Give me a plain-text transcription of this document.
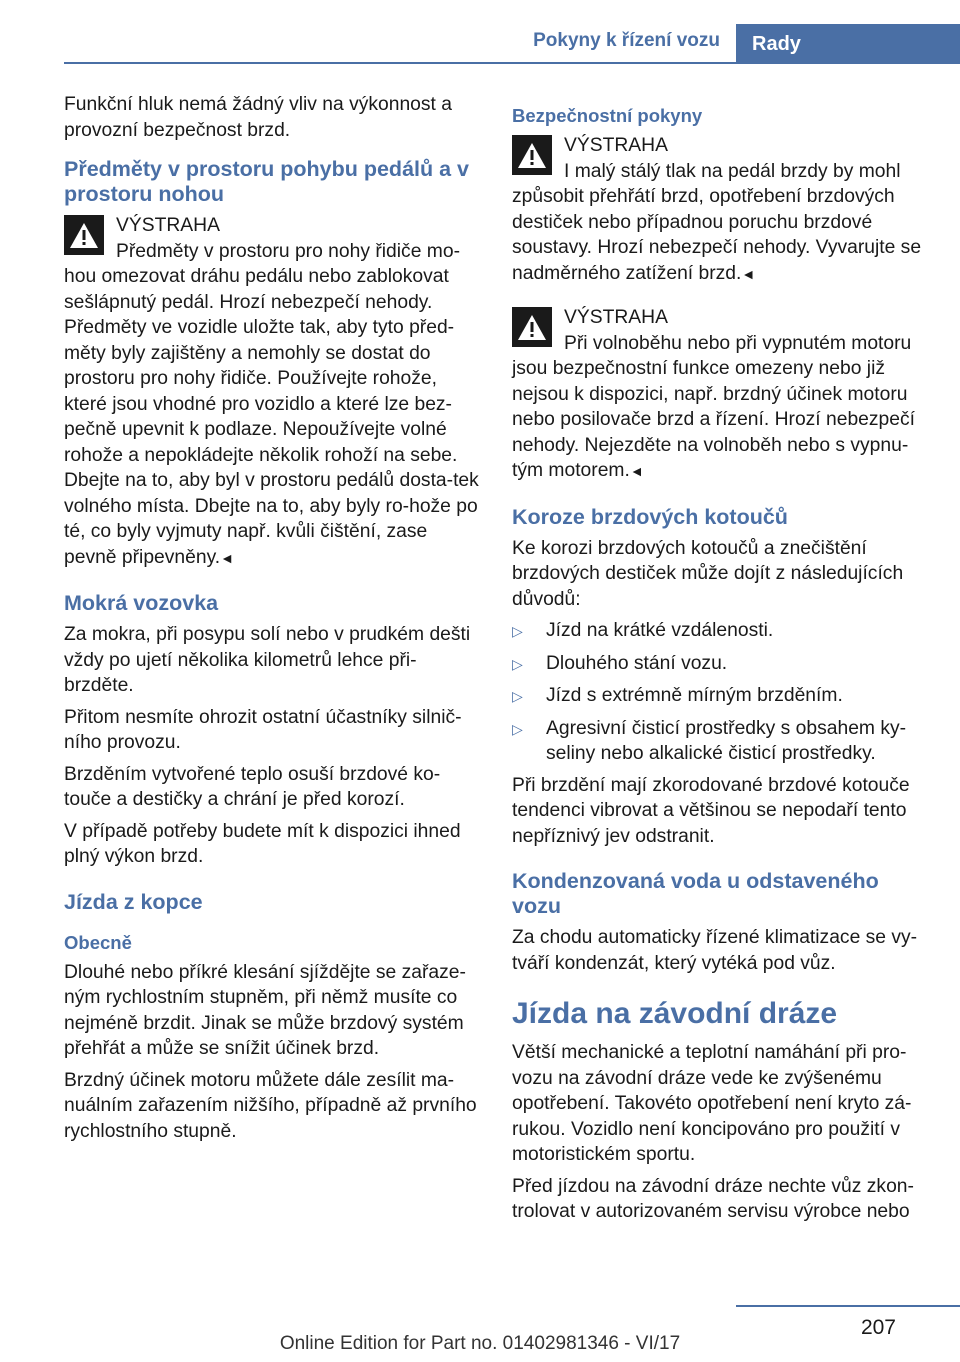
Pokyny k řízení vozu	Rady

Funkční hluk nemá žádný vliv na výkonnost a provozní bezpečnost brzd.

Předměty v prostoru pohybu pedálů a v prostoru nohou
VÝSTRAHA
Předměty v prostoru pro nohy řidiče mo‐
hou omezovat dráhu pedálu nebo zablokovat sešlápnutý pedál. Hrozí nebezpečí nehody. Předměty ve vozidle uložte tak, aby tyto před‐měty byly zajištěny a nemohly se dostat do prostoru pro nohy řidiče. Používejte rohože, které jsou vhodné pro vozidlo a které lze bez‐pečně upevnit k podlaze. Nepoužívejte volné rohože a nepokládejte několik rohoží na sebe. Dbejte na to, aby byl v prostoru pedálů dosta‐tek volného místa. Dbejte na to, aby byly ro‐hože po té, co byly vyjmuty např. kvůli čištění, zase pevně připevněny.◄
Mokrá vozovka

Za mokra, při posypu solí nebo v prudkém dešti vždy po ujetí několika kilometrů lehce při‐brzděte.

Přitom nesmíte ohrozit ostatní účastníky silnič‐ního provozu.

Brzděním vytvořené teplo osuší brzdové ko‐touče a destičky a chrání je před korozí.

V případě potřeby budete mít k dispozici ihned plný výkon brzd.

Jízda z kopce
Obecně

Dlouhé nebo příkré klesání sjíždějte se zařaze‐ným rychlostním stupněm, při němž musíte co nejméně brzdit. Jinak se může brzdový systém přehřát a může se snížit účinek brzd.

Brzdný účinek motoru můžete dále zesílit ma‐nuálním zařazením nižšího, případně až prvního rychlostního stupně.

Bezpečnostní pokyny
VÝSTRAHA
I malý stálý tlak na pedál brzdy by mohl
způsobit přehřátí brzd, opotřebení brzdových destiček nebo případnou poruchu brzdové soustavy. Hrozí nebezpečí nehody. Vyvarujte se nadměrného zatížení brzd.◄
VÝSTRAHA
Při volnoběhu nebo při vypnutém motoru
jsou bezpečnostní funkce omezeny nebo již nejsou k dispozici, např. brzdný účinek motoru nebo posilovače brzd a řízení. Hrozí nebezpečí nehody. Nejezděte na volnoběh nebo s vypnu‐tým motorem.◄
Koroze brzdových kotoučů

Ke korozi brzdových kotoučů a znečištění brzdových destiček může dojít z následujících důvodů:

▷	Jízd na krátké vzdálenosti.
▷	Dlouhého stání vozu.
▷	Jízd s extrémně mírným brzděním.
▷	Agresivní čisticí prostředky s obsahem ky‐seliny nebo alkalické čisticí prostředky.

Při brzdění mají zkorodované brzdové kotouče tendenci vibrovat a většinou se nepodaří tento nepříznivý jev odstranit.

Kondenzovaná voda u odstaveného vozu

Za chodu automaticky řízené klimatizace se vy‐tváří kondenzát, který vytéká pod vůz.

Jízda na závodní dráze

Větší mechanické a teplotní namáhání při pro‐vozu na závodní dráze vede ke zvýšenému opotřebení. Takovéto opotřebení není kryto zá‐rukou. Vozidlo není koncipováno pro použití v motoristickém sportu.

Před jízdou na závodní dráze nechte vůz zkon‐trolovat v autorizovaném servisu výrobce nebo

207
Online Edition for Part no. 01402981346 - VI/17
